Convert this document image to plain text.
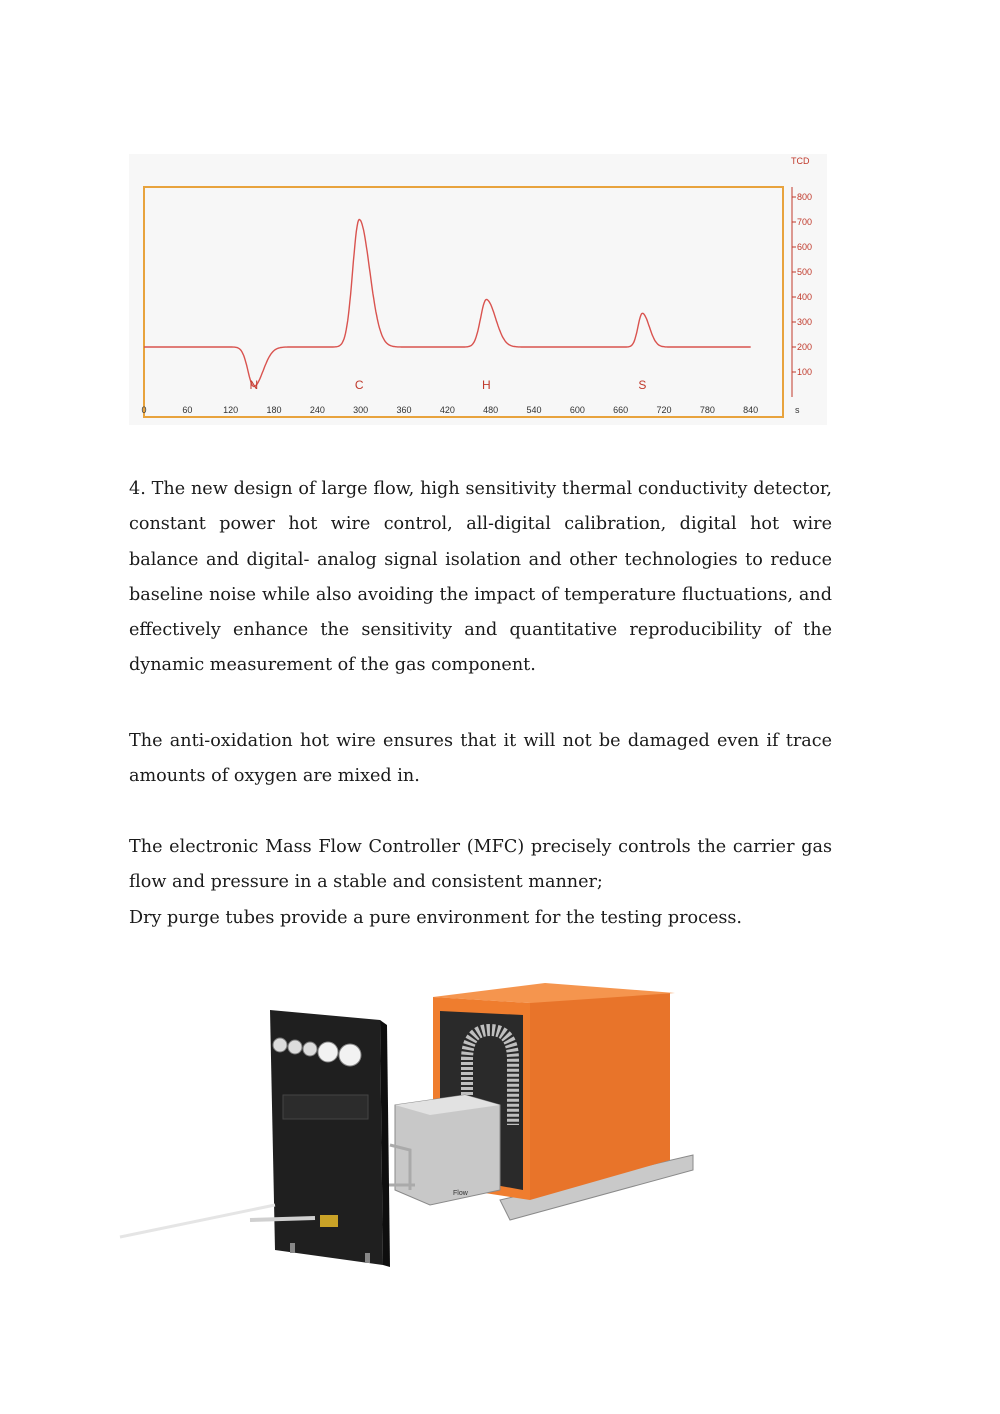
TCD
s
0	60	120	180	240	300	360	420	480	540	600	660	720	780	840
800
700
600
500
400
300
200
100
N	C	H	S

4. The new design of large flow, high sensitivity thermal conductivity detector, constant power hot wire control, all-digital calibration, digital hot wire balance and digital- analog signal isolation and other technologies to reduce baseline noise while also avoiding the impact of temperature fluctuations, and effectively enhance the sensitivity and quantitative reproducibility of the dynamic measurement of the gas component.

The anti-oxidation hot wire ensures that it will not be damaged even if trace amounts of oxygen are mixed in.

The electronic Mass Flow Controller (MFC) precisely controls the carrier gas flow and pressure in a stable and consistent manner;

Dry purge tubes provide a pure environment for the testing process.

Flow
